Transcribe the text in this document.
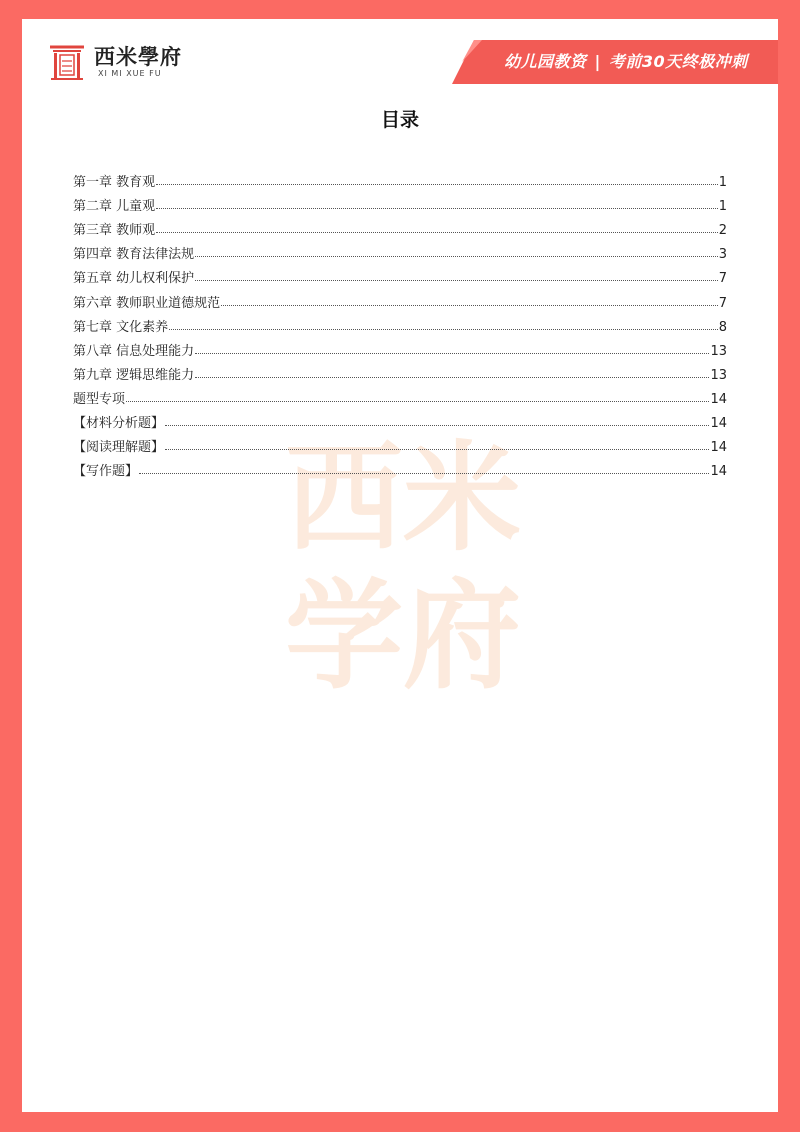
西米學府
XI MI XUE FU
幼儿园教资 | 考前30天终极冲刺
西米
学府
目录
第一章 教育观	1
第二章 儿童观	1
第三章 教师观	2
第四章 教育法律法规	3
第五章 幼儿权利保护	7
第六章 教师职业道德规范	7
第七章 文化素养	8
第八章 信息处理能力	13
第九章 逻辑思维能力	13
题型专项	14
【材料分析题】	14
【阅读理解题】	14
【写作题】	14
